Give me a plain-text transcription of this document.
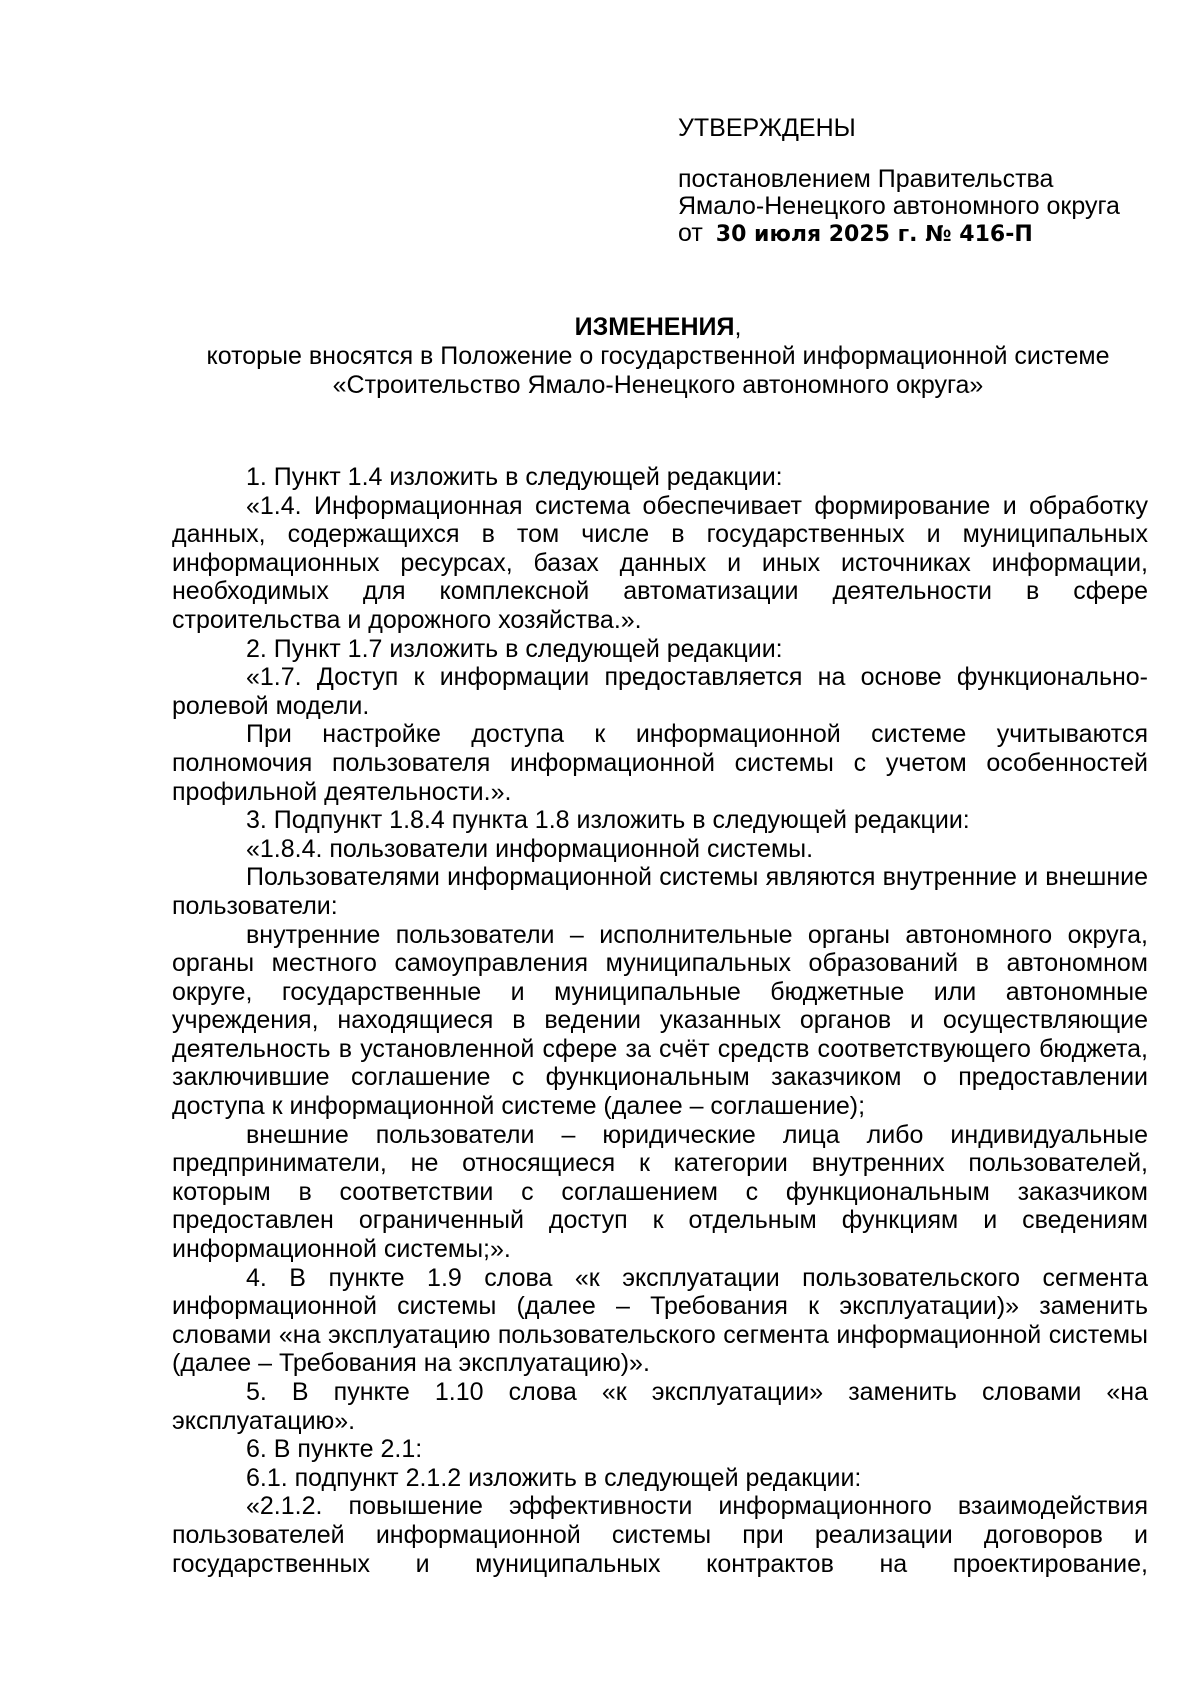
УТВЕРЖДЕНЫ
постановлением Правительства
Ямало-Ненецкого автономного округа
от 30 июля 2025 г. № 416-П
ИЗМЕНЕНИЯ,
которые вносятся в Положение о государственной информационной системе
«Строительство Ямало-Ненецкого автономного округа»

1. Пункт 1.4 изложить в следующей редакции:

«1.4. Информационная система обеспечивает формирование и обработку данных, содержащихся в том числе в государственных и муниципальных информационных ресурсах, базах данных и иных источниках информации, необходимых для комплексной автоматизации деятельности в сфере строительства и дорожного хозяйства.».

2. Пункт 1.7 изложить в следующей редакции:

«1.7. Доступ к информации предоставляется на основе функционально-ролевой модели.

При настройке доступа к информационной системе учитываются полномочия пользователя информационной системы с учетом особенностей профильной деятельности.».

3. Подпункт 1.8.4 пункта 1.8 изложить в следующей редакции:

«1.8.4. пользователи информационной системы.

Пользователями информационной системы являются внутренние и внешние пользователи:

внутренние пользователи – исполнительные органы автономного округа, органы местного самоуправления муниципальных образований в автономном округе, государственные и муниципальные бюджетные или автономные учреждения, находящиеся в ведении указанных органов и осуществляющие деятельность в установленной сфере за счёт средств соответствующего бюджета, заключившие соглашение с функциональным заказчиком о предоставлении доступа к информационной системе (далее – соглашение);

внешние пользователи – юридические лица либо индивидуальные предприниматели, не относящиеся к категории внутренних пользователей, которым в соответствии с соглашением с функциональным заказчиком предоставлен ограниченный доступ к отдельным функциям и сведениям информационной системы;».

4. В пункте 1.9 слова «к эксплуатации пользовательского сегмента информационной системы (далее – Требования к эксплуатации)» заменить словами «на эксплуатацию пользовательского сегмента информационной системы (далее – Требования на эксплуатацию)».

5. В пункте 1.10 слова «к эксплуатации» заменить словами «на эксплуатацию».

6. В пункте 2.1:

6.1. подпункт 2.1.2 изложить в следующей редакции:

«2.1.2. повышение эффективности информационного взаимодействия пользователей информационной системы при реализации договоров и государственных и муниципальных контрактов на проектирование,
